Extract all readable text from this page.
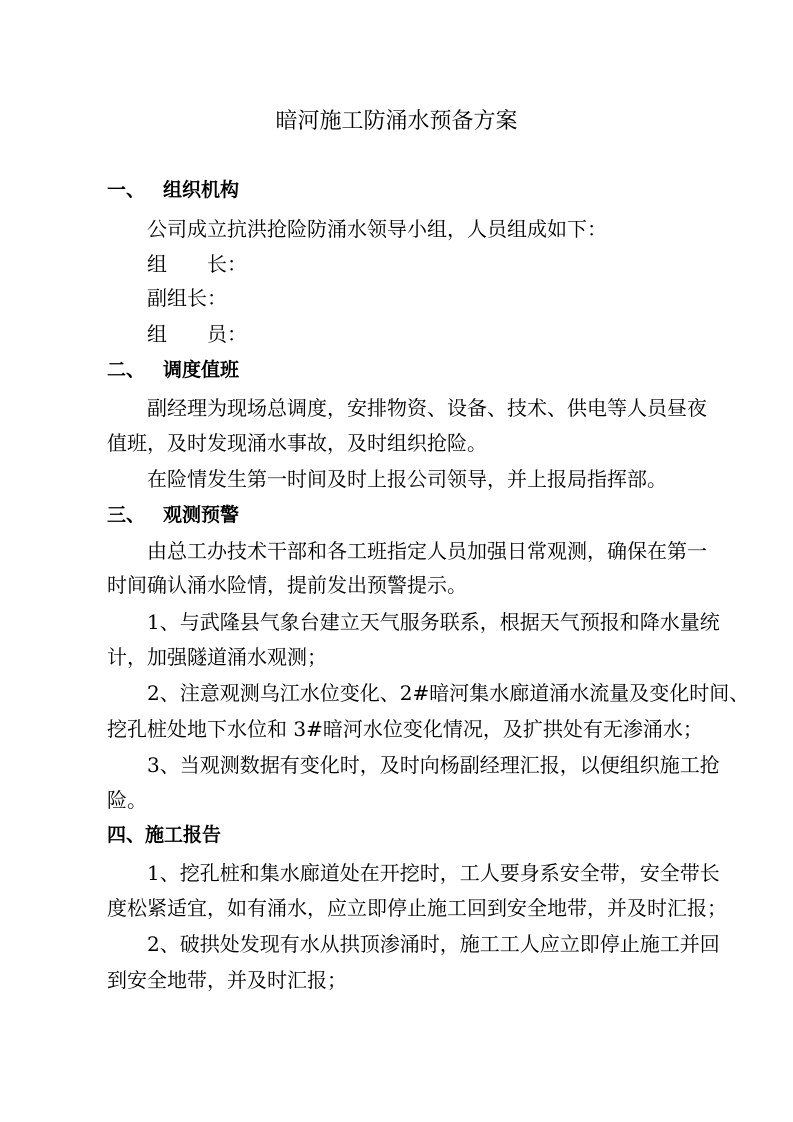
暗河施工防涌水预备方案
一、 组织机构
公司成立抗洪抢险防涌水领导小组，人员组成如下：
组 长：
副组长：
组 员：
二、 调度值班
副经理为现场总调度，安排物资、设备、技术、供电等人员昼夜
值班，及时发现涌水事故，及时组织抢险。
在险情发生第一时间及时上报公司领导，并上报局指挥部。
三、 观测预警
由总工办技术干部和各工班指定人员加强日常观测，确保在第一
时间确认涌水险情，提前发出预警提示。
1、与武隆县气象台建立天气服务联系，根据天气预报和降水量统
计，加强隧道涌水观测；
2、注意观测乌江水位变化、2#暗河集水廊道涌水流量及变化时间、
挖孔桩处地下水位和 3#暗河水位变化情况，及扩拱处有无渗涌水；
3、当观测数据有变化时，及时向杨副经理汇报，以便组织施工抢
险。
四、施工报告
1、挖孔桩和集水廊道处在开挖时，工人要身系安全带，安全带长
度松紧适宜，如有涌水，应立即停止施工回到安全地带，并及时汇报；
2、破拱处发现有水从拱顶渗涌时，施工工人应立即停止施工并回
到安全地带，并及时汇报；
